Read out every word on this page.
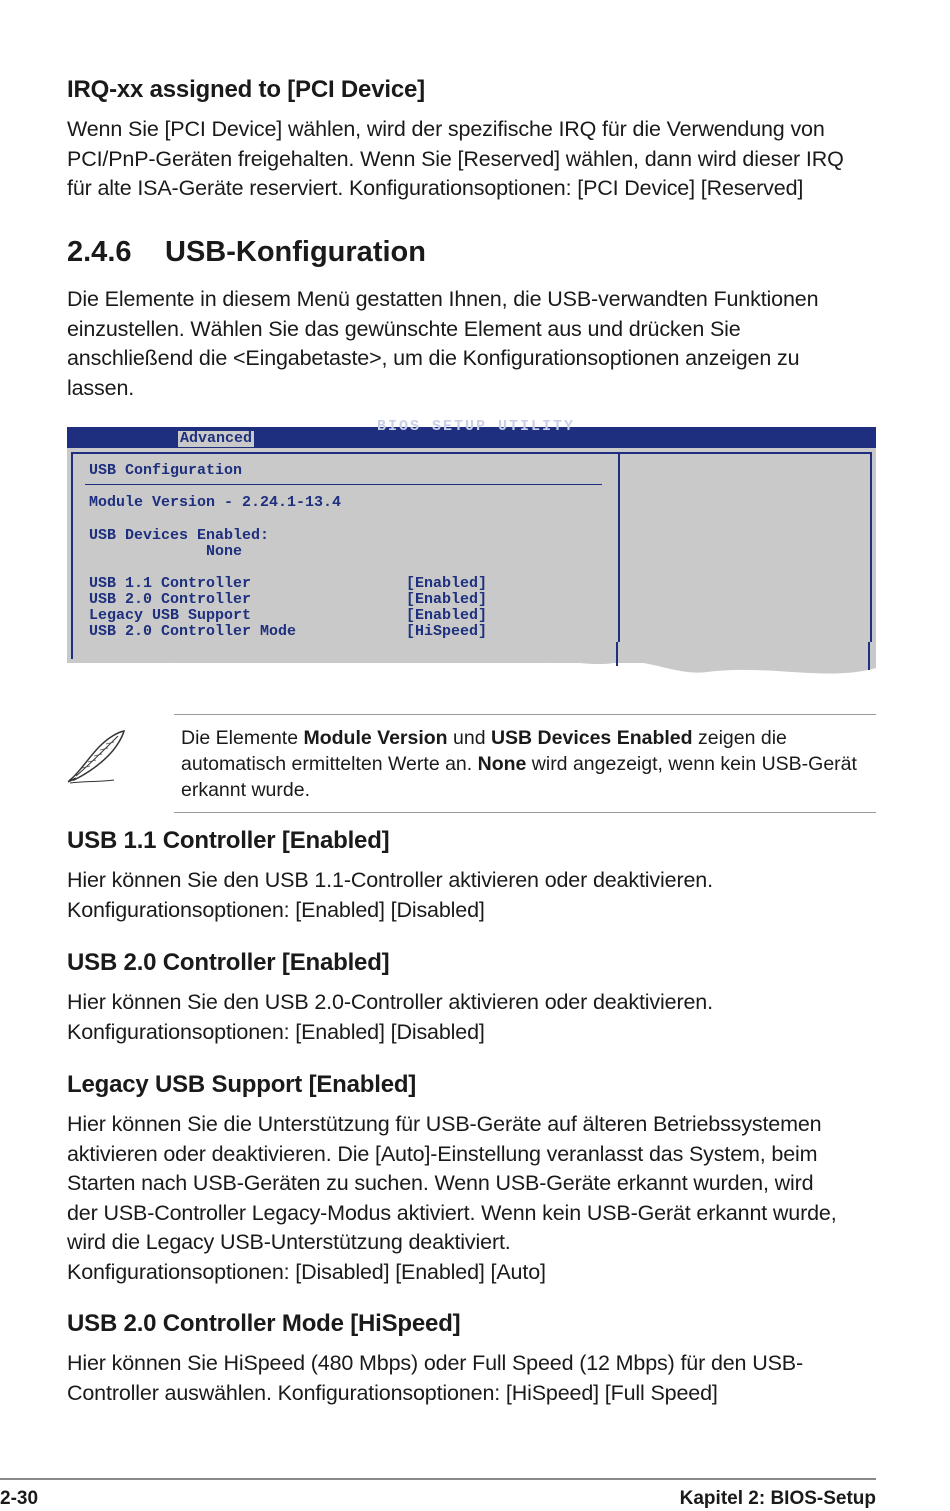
IRQ-xx assigned to [PCI Device]

Wenn Sie [PCI Device] wählen, wird der spezifische IRQ für die Verwendung von
PCI/PnP-Geräten freigehalten. Wenn Sie [Reserved] wählen, dann wird dieser IRQ
für alte ISA-Geräte reserviert. Konfigurationsoptionen: [PCI Device] [Reserved]

2.4.6 USB-Konfiguration

Die Elemente in diesem Menü gestatten Ihnen, die USB-verwandten Funktionen
einzustellen. Wählen Sie das gewünschte Element aus und drücken Sie
anschließend die <Eingabetaste>, um die Konfigurationsoptionen anzeigen zu
lassen.

BIOS SETUP UTILITY
Advanced
USB Configuration
Module Version - 2.24.1-13.4
USB Devices Enabled:
None
USB 1.1 Controller	[Enabled]
USB 2.0 Controller	[Enabled]
Legacy USB Support	[Enabled]
USB 2.0 Controller Mode	[HiSpeed]

Die Elemente Module Version und USB Devices Enabled zeigen die
automatisch ermittelten Werte an. None wird angezeigt, wenn kein USB-Gerät
erkannt wurde.

USB 1.1 Controller [Enabled]

Hier können Sie den USB 1.1-Controller aktivieren oder deaktivieren.
Konfigurationsoptionen: [Enabled] [Disabled]

USB 2.0 Controller [Enabled]

Hier können Sie den USB 2.0-Controller aktivieren oder deaktivieren.
Konfigurationsoptionen: [Enabled] [Disabled]

Legacy USB Support [Enabled]

Hier können Sie die Unterstützung für USB-Geräte auf älteren Betriebssystemen
aktivieren oder deaktivieren. Die [Auto]-Einstellung veranlasst das System, beim
Starten nach USB-Geräten zu suchen. Wenn USB-Geräte erkannt wurden, wird
der USB-Controller Legacy-Modus aktiviert. Wenn kein USB-Gerät erkannt wurde,
wird die Legacy USB-Unterstützung deaktiviert.
Konfigurationsoptionen: [Disabled] [Enabled] [Auto]

USB 2.0 Controller Mode [HiSpeed]

Hier können Sie HiSpeed (480 Mbps) oder Full Speed (12 Mbps) für den USB-
Controller auswählen. Konfigurationsoptionen: [HiSpeed] [Full Speed]

2-30	Kapitel 2: BIOS-Setup
